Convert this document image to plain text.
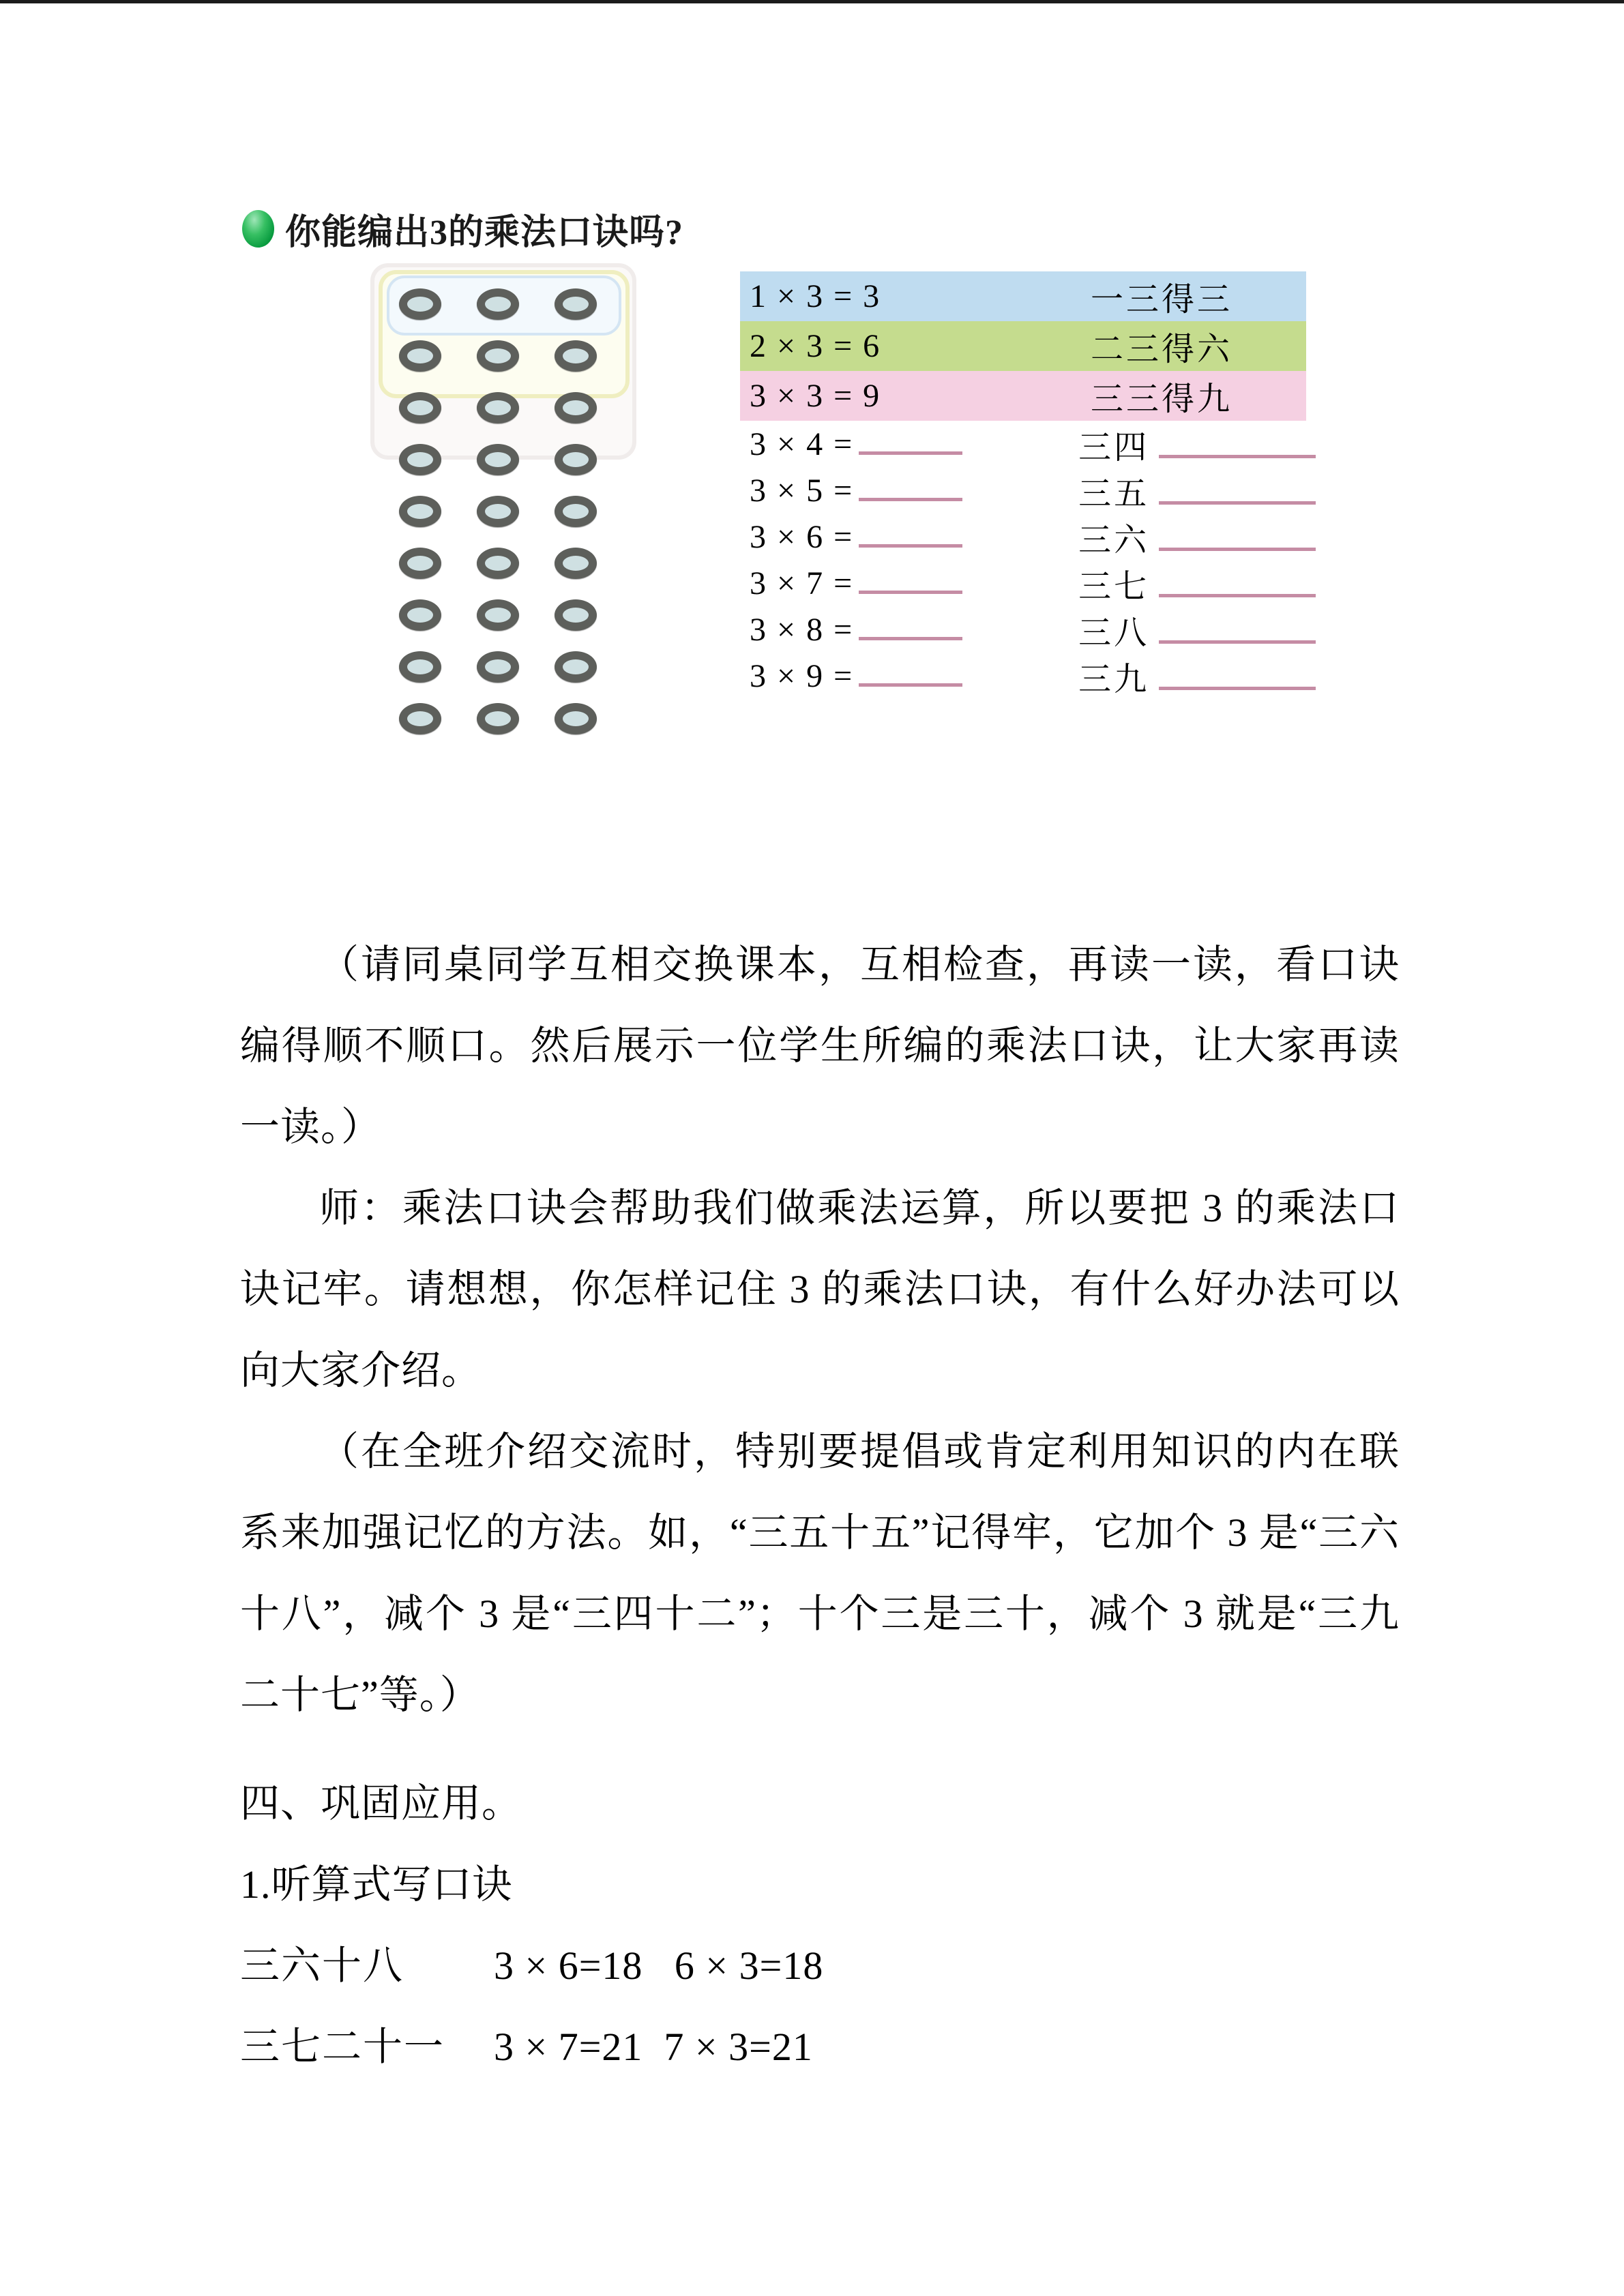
你能编出3的乘法口诀吗?
1 × 3 = 3	一三得三
2 × 3 = 6	二三得六
3 × 3 = 9	三三得九
3 × 4 =	三四
3 × 5 =	三五
3 × 6 =	三六
3 × 7 =	三七
3 × 8 =	三八
3 × 9 =	三九

（请同桌同学互相交换课本，互相检查，再读一读，看口诀编得顺不顺口。然后展示一位学生所编的乘法口诀，让大家再读一读。）

师：乘法口诀会帮助我们做乘法运算，所以要把 3 的乘法口诀记牢。请想想，你怎样记住 3 的乘法口诀，有什么好办法可以向大家介绍。

（在全班介绍交流时，特别要提倡或肯定利用知识的内在联系来加强记忆的方法。如，“三五十五”记得牢，它加个 3 是“三六十八”，减个 3 是“三四十二”；十个三是三十，减个 3 就是“三九二十七”等。）

四、巩固应用。

1.听算式写口诀

三六十八	3 × 6=18   6 × 3=18
三七二十一	3 × 7=21  7 × 3=21
